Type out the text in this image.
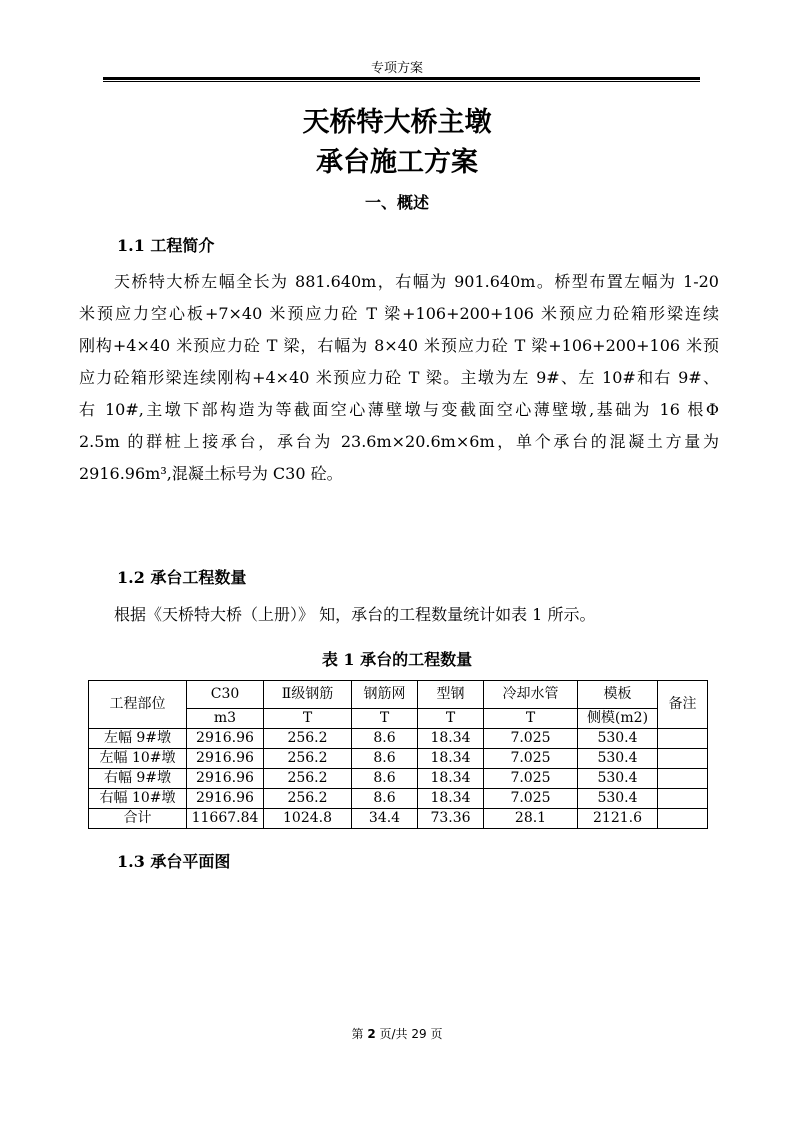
专项方案
天桥特大桥主墩
承台施工方案
一、概述
1.1 工程简介
天桥特大桥左幅全长为 881.640m，右幅为 901.640m。桥型布置左幅为 1-20
米预应力空心板+7×40 米预应力砼 T 梁+106+200+106 米预应力砼箱形梁连续
刚构+4×40 米预应力砼 T 梁，右幅为 8×40 米预应力砼 T 梁+106+200+106 米预
应力砼箱形梁连续刚构+4×40 米预应力砼 T 梁。主墩为左 9#、左 10#和右 9#、
右 10#,主墩下部构造为等截面空心薄壁墩与变截面空心薄壁墩,基础为 16 根Φ
2.5m 的群桩上接承台，承台为 23.6m×20.6m×6m，单个承台的混凝土方量为
2916.96m³,混凝土标号为 C30 砼。
1.2 承台工程数量
根据《天桥特大桥（上册）》 知，承台的工程数量统计如表 1 所示。
表 1 承台的工程数量
工程部位	C30	Ⅱ级钢筋	钢筋网	型钢	冷却水管	模板	备注
	m3	T	T	T	T	侧模(m2)	
左幅 9#墩	2916.96	256.2	8.6	18.34	7.025	530.4	
左幅 10#墩	2916.96	256.2	8.6	18.34	7.025	530.4	
右幅 9#墩	2916.96	256.2	8.6	18.34	7.025	530.4	
右幅 10#墩	2916.96	256.2	8.6	18.34	7.025	530.4	
合计	11667.84	1024.8	34.4	73.36	28.1	2121.6	
1.3 承台平面图
第 2 页/共 29 页
